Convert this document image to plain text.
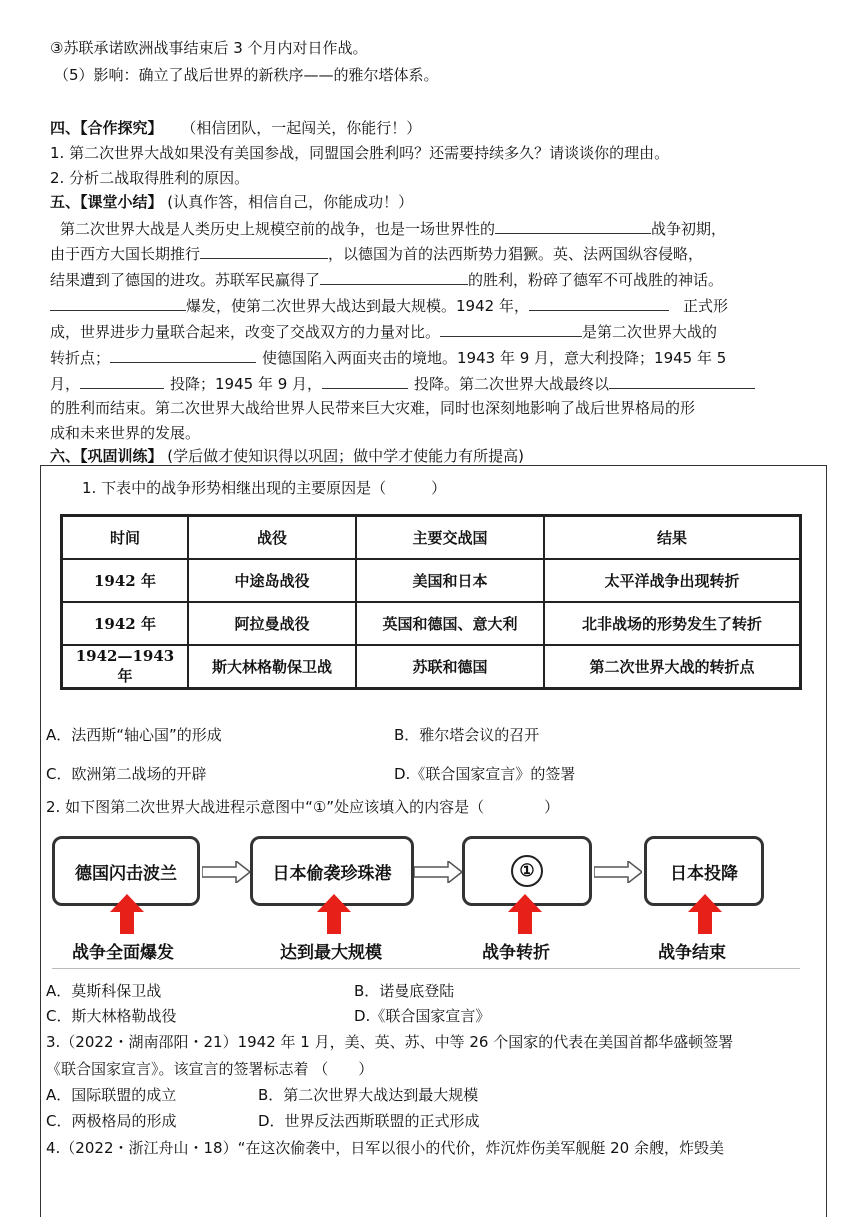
③苏联承诺欧洲战事结束后 3 个月内对日作战。
（5）影响：确立了战后世界的新秩序——的雅尔塔体系。
四、【合作探究】 （相信团队，一起闯关，你能行！）
1. 第二次世界大战如果没有美国参战，同盟国会胜利吗？还需要持续多久？请谈谈你的理由。
2. 分析二战取得胜利的原因。
五、【课堂小结】 (认真作答，相信自己，你能成功！）
第二次世界大战是人类历史上规模空前的战争，也是一场世界性的	战争初期，
由于西方大国长期推行	，以德国为首的法西斯势力猖獗。英、法两国纵容侵略，
结果遭到了德国的进攻。苏联军民赢得了	的胜利，粉碎了德军不可战胜的神话。
爆发，使第二次世界大战达到最大规模。1942 年，	正式形
成，世界进步力量联合起来，改变了交战双方的力量对比。	是第二次世界大战的
转折点；	使德国陷入两面夹击的境地。1943 年 9 月，意大利投降；1945 年 5
月，	投降；1945 年 9 月，	投降。第二次世界大战最终以
的胜利而结束。第二次世界大战给世界人民带来巨大灾难，同时也深刻地影响了战后世界格局的形
成和未来世界的发展。
六、【巩固训练】 (学后做才使知识得以巩固；做中学才使能力有所提高)
1. 下表中的战争形势相继出现的主要原因是（　　　）
时间	战役	主要交战国	结果
1942 年	中途岛战役	美国和日本	太平洋战争出现转折
1942 年	阿拉曼战役	英国和德国、意大利	北非战场的形势发生了转折
1942—1943 年	斯大林格勒保卫战	苏联和德国	第二次世界大战的转折点
A．法西斯“轴心国”的形成	B．雅尔塔会议的召开
C．欧洲第二战场的开辟	D.《联合国家宣言》的签署
2. 如下图第二次世界大战进程示意图中“①”处应该填入的内容是（　　　　）
德国闪击波兰	日本偷袭珍珠港	①	日本投降
战争全面爆发	达到最大规模	战争转折	战争结束
A．莫斯科保卫战	B．诺曼底登陆
C．斯大林格勒战役	D.《联合国家宣言》
3.（2022・湖南邵阳・21）1942 年 1 月，美、英、苏、中等 26 个国家的代表在美国首都华盛顿签署
《联合国家宣言》。该宣言的签署标志着 （　　）
A．国际联盟的成立	B．第二次世界大战达到最大规模
C．两极格局的形成	D．世界反法西斯联盟的正式形成
4.（2022・浙江舟山・18）“在这次偷袭中，日军以很小的代价，炸沉炸伤美军舰艇 20 余艘，炸毁美
